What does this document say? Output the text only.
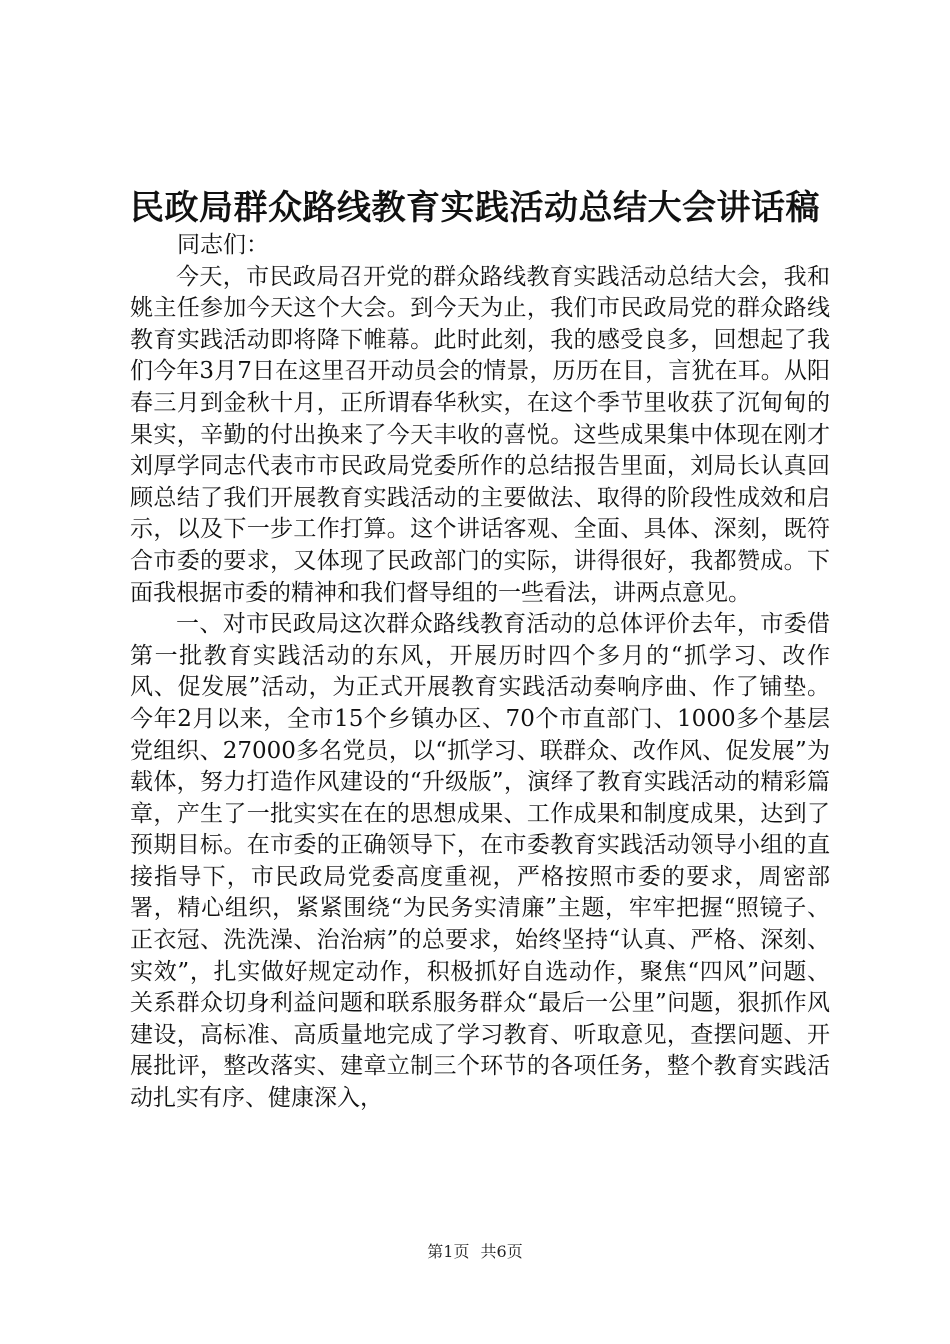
民政局群众路线教育实践活动总结大会讲话稿

同志们：

今天，市民政局召开党的群众路线教育实践活动总结大会，我和姚主任参加今天这个大会。到今天为止，我们市民政局党的群众路线教育实践活动即将降下帷幕。此时此刻，我的感受良多，回想起了我们今年3月7日在这里召开动员会的情景，历历在目，言犹在耳。从阳春三月到金秋十月，正所谓春华秋实，在这个季节里收获了沉甸甸的果实，辛勤的付出换来了今天丰收的喜悦。这些成果集中体现在刚才刘厚学同志代表市市民政局党委所作的总结报告里面，刘局长认真回顾总结了我们开展教育实践活动的主要做法、取得的阶段性成效和启示，以及下一步工作打算。这个讲话客观、全面、具体、深刻，既符合市委的要求，又体现了民政部门的实际，讲得很好，我都赞成。下面我根据市委的精神和我们督导组的一些看法，讲两点意见。

一、对市民政局这次群众路线教育活动的总体评价去年，市委借第一批教育实践活动的东风，开展历时四个多月的“抓学习、改作风、促发展”活动，为正式开展教育实践活动奏响序曲、作了铺垫。今年2月以来，全市15个乡镇办区、70个市直部门、1000多个基层党组织、27000多名党员，以“抓学习、联群众、改作风、促发展”为载体，努力打造作风建设的“升级版”，演绎了教育实践活动的精彩篇章，产生了一批实实在在的思想成果、工作成果和制度成果，达到了预期目标。在市委的正确领导下，在市委教育实践活动领导小组的直接指导下，市民政局党委高度重视，严格按照市委的要求，周密部署，精心组织，紧紧围绕“为民务实清廉”主题，牢牢把握“照镜子、正衣冠、洗洗澡、治治病”的总要求，始终坚持“认真、严格、深刻、实效”，扎实做好规定动作，积极抓好自选动作，聚焦“四风”问题、关系群众切身利益问题和联系服务群众“最后一公里”问题，狠抓作风建设，高标准、高质量地完成了学习教育、听取意见，查摆问题、开展批评，整改落实、建章立制三个环节的各项任务，整个教育实践活动扎实有序、健康深入，

第1页 共6页
